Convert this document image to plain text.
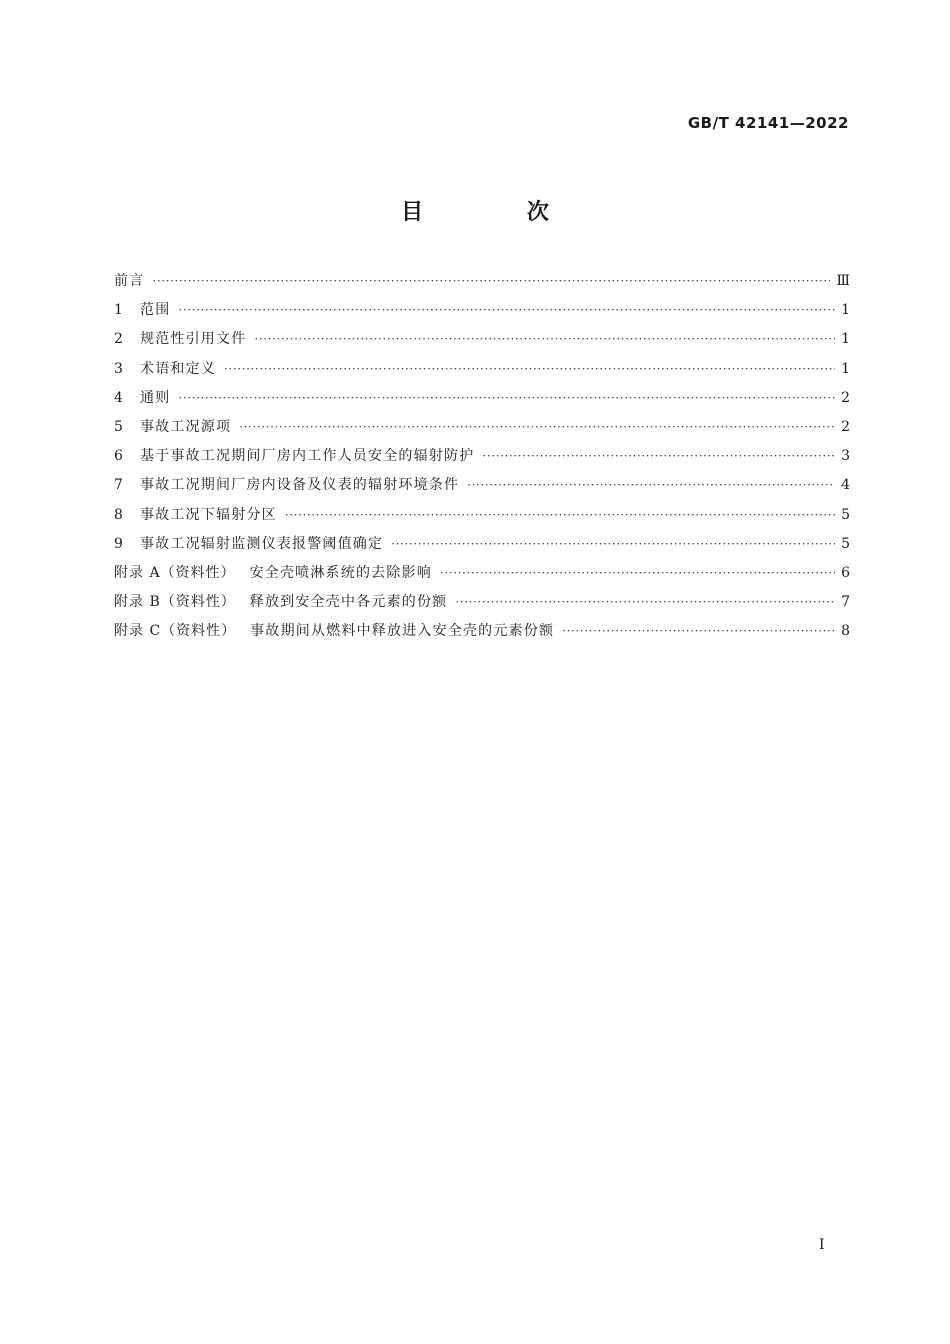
GB/T 42141—2022
目 次
前言 ·····	Ⅲ
1	范围 ·····	1
2	规范性引用文件 ·····	1
3	术语和定义 ·····	1
4	通则 ·····	2
5	事故工况源项 ·····	2
6	基于事故工况期间厂房内工作人员安全的辐射防护 ·····	3
7	事故工况期间厂房内设备及仪表的辐射环境条件 ·····	4
8	事故工况下辐射分区 ·····	5
9	事故工况辐射监测仪表报警阈值确定 ·····	5
附录 A（资料性） 安全壳喷淋系统的去除影响 ·····	6
附录 B（资料性） 释放到安全壳中各元素的份额 ·····	7
附录 C（资料性） 事故期间从燃料中释放进入安全壳的元素份额 ·····	8
I
